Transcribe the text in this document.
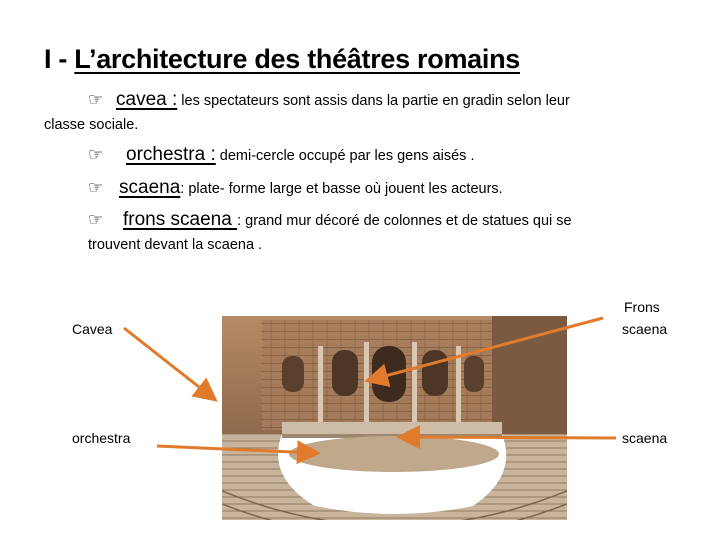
I - L’architecture des théâtres romains
☞ cavea : les spectateurs sont assis dans la partie en gradin selon leur
classe sociale.
☞ orchestra : demi-cercle occupé par les gens aisés .
☞ scaena: plate- forme large et basse où jouent les acteurs.
☞ frons scaena : grand mur décoré de colonnes et de statues qui se
trouvent devant la scaena .
Cavea
Frons
scaena
orchestra	scaena
